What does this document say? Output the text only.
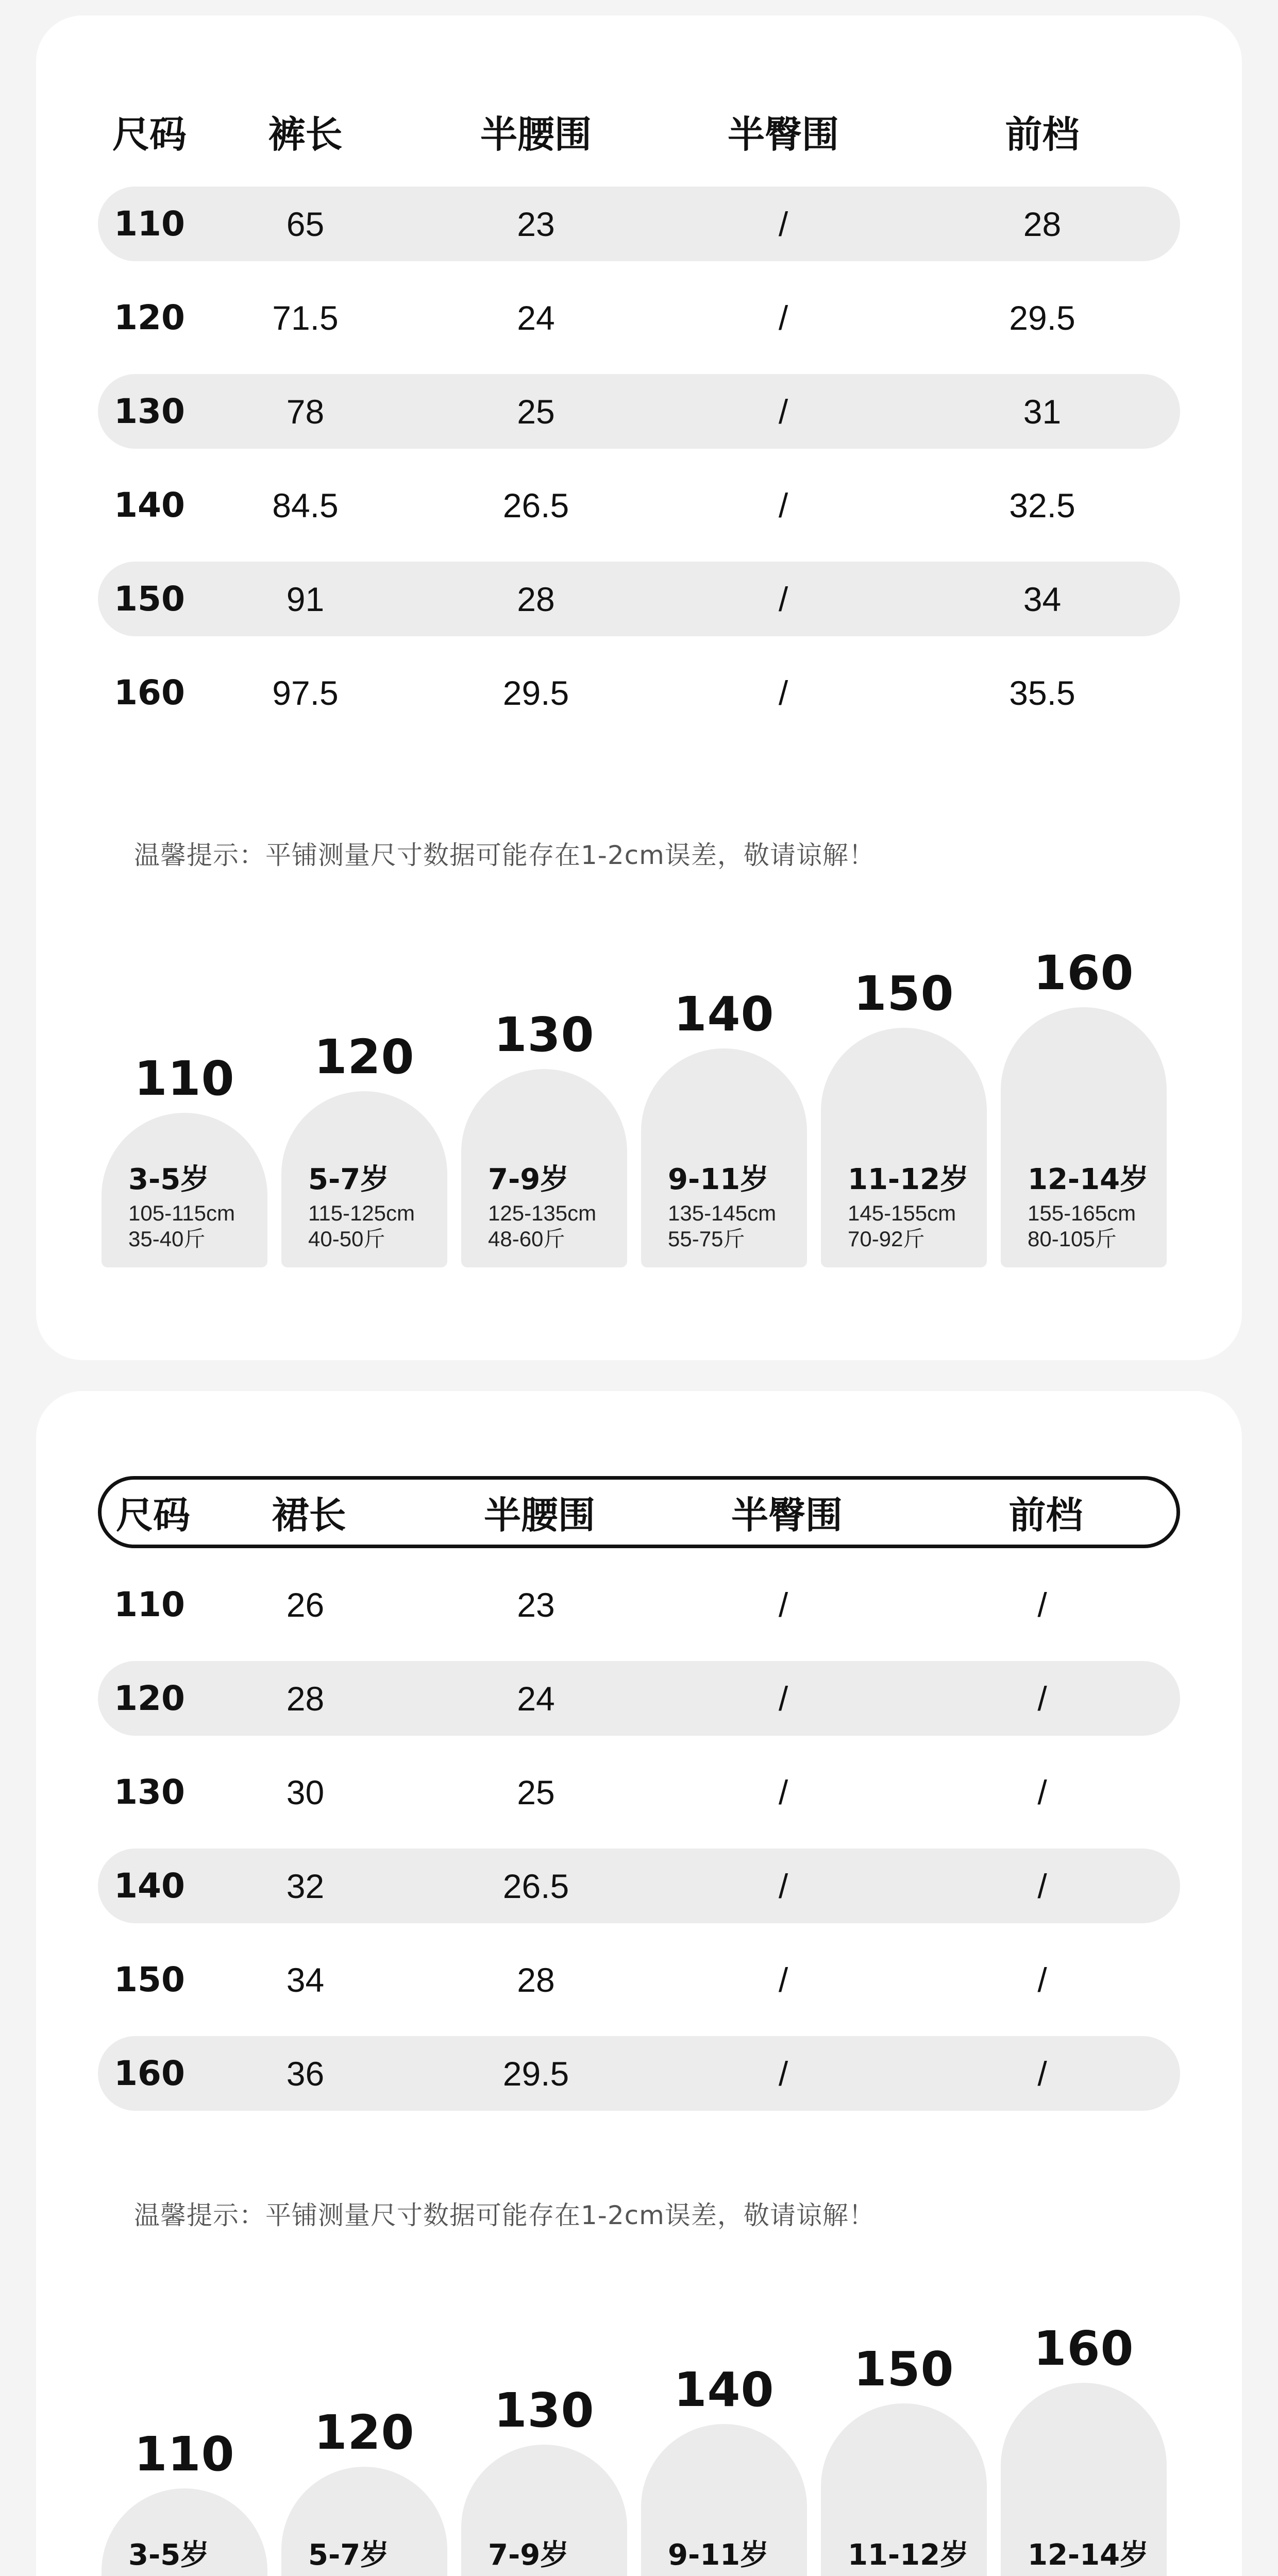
尺码	裤长	半腰围	半臀围	前档
110	65	23	/	28
120	71.5	24	/	29.5
130	78	25	/	31
140	84.5	26.5	/	32.5
150	91	28	/	34
160	97.5	29.5	/	35.5
温馨提示：平铺测量尺寸数据可能存在1-2cm误差，敬请谅解！
110
3-5岁
105-115cm
35-40斤
120
5-7岁
115-125cm
40-50斤
130
7-9岁
125-135cm
48-60斤
140
9-11岁
135-145cm
55-75斤
150
11-12岁
145-155cm
70-92斤
160
12-14岁
155-165cm
80-105斤
尺码	裙长	半腰围	半臀围	前档
110	26	23	/	/
120	28	24	/	/
130	30	25	/	/
140	32	26.5	/	/
150	34	28	/	/
160	36	29.5	/	/
温馨提示：平铺测量尺寸数据可能存在1-2cm误差，敬请谅解！
110
3-5岁
120
5-7岁
130
7-9岁
140
9-11岁
150
11-12岁
160
12-14岁
